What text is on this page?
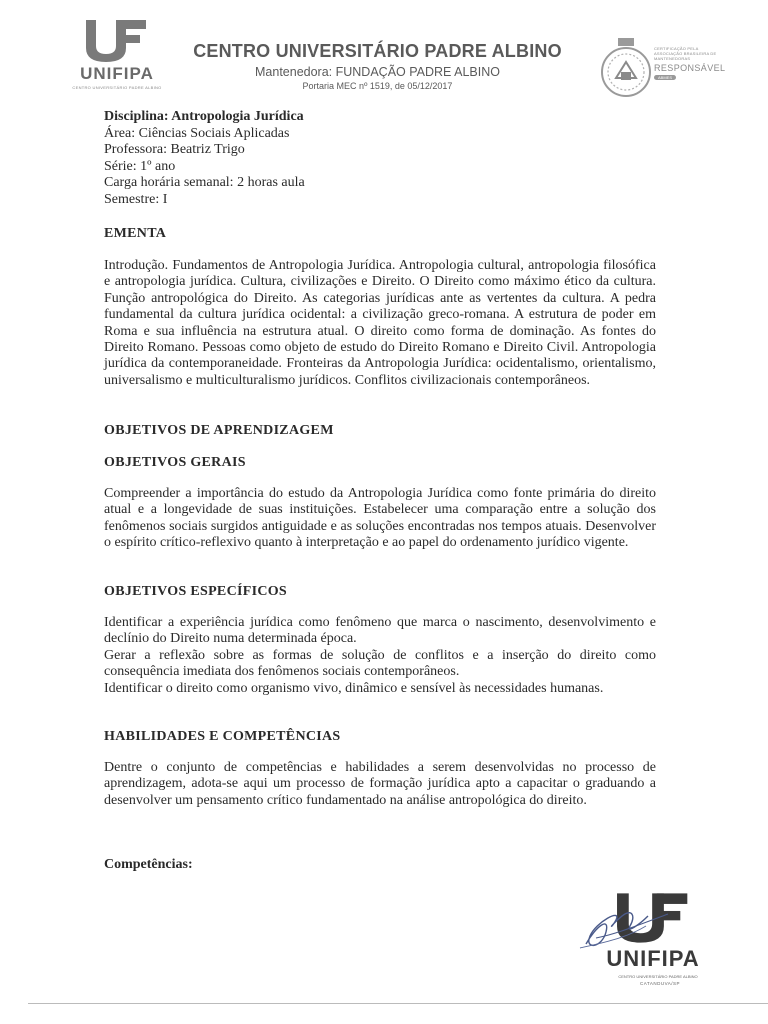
UNIFIPA
CENTRO UNIVERSITÁRIO PADRE ALBINO
CENTRO UNIVERSITÁRIO PADRE ALBINO
Mantenedora: FUNDAÇÃO PADRE ALBINO
Portaria MEC nº 1519, de 05/12/2017
CERTIFICAÇÃO PELA ASSOCIAÇÃO BRASILEIRA DE MANTENEDORAS
RESPONSÁVEL
ABMES
Disciplina: Antropologia Jurídica
Área: Ciências Sociais Aplicadas
Professora: Beatriz Trigo
Série: 1º ano
Carga horária semanal: 2 horas aula
Semestre: I
EMENTA

Introdução. Fundamentos de Antropologia Jurídica. Antropologia cultural, antropologia filosófica e antropologia jurídica. Cultura, civilizações e Direito. O Direito como máximo ético da cultura. Função antropológica do Direito. As categorias jurídicas ante as vertentes da cultura. A pedra fundamental da cultura jurídica ocidental: a civilização greco-romana. A estrutura de poder em Roma e sua influência na estrutura atual. O direito como forma de dominação. As fontes do Direito Romano. Pessoas como objeto de estudo do Direito Romano e Direito Civil. Antropologia jurídica da contemporaneidade. Fronteiras da Antropologia Jurídica: ocidentalismo, orientalismo, universalismo e multiculturalismo jurídicos. Conflitos civilizacionais contemporâneos.

OBJETIVOS DE APRENDIZAGEM
OBJETIVOS GERAIS

Compreender a importância do estudo da Antropologia Jurídica como fonte primária do direito atual e a longevidade de suas instituições. Estabelecer uma comparação entre a solução dos fenômenos sociais surgidos antiguidade e as soluções encontradas nos tempos atuais. Desenvolver o espírito crítico-reflexivo quanto à interpretação e ao papel do ordenamento jurídico vigente.

OBJETIVOS ESPECÍFICOS

Identificar a experiência jurídica como fenômeno que marca o nascimento, desenvolvimento e declínio do Direito numa determinada época.

Gerar a reflexão sobre as formas de solução de conflitos e a inserção do direito como consequência imediata dos fenômenos sociais contemporâneos.

Identificar o direito como organismo vivo, dinâmico e sensível às necessidades humanas.

HABILIDADES E COMPETÊNCIAS

Dentre o conjunto de competências e habilidades a serem desenvolvidas no processo de aprendizagem, adota-se aqui um processo de formação jurídica apto a capacitar o graduando a desenvolver um pensamento crítico fundamentado na análise antropológica do direito.

Competências:
UNIFIPA
CENTRO UNIVERSITÁRIO PADRE ALBINO
CATANDUVA/SP
